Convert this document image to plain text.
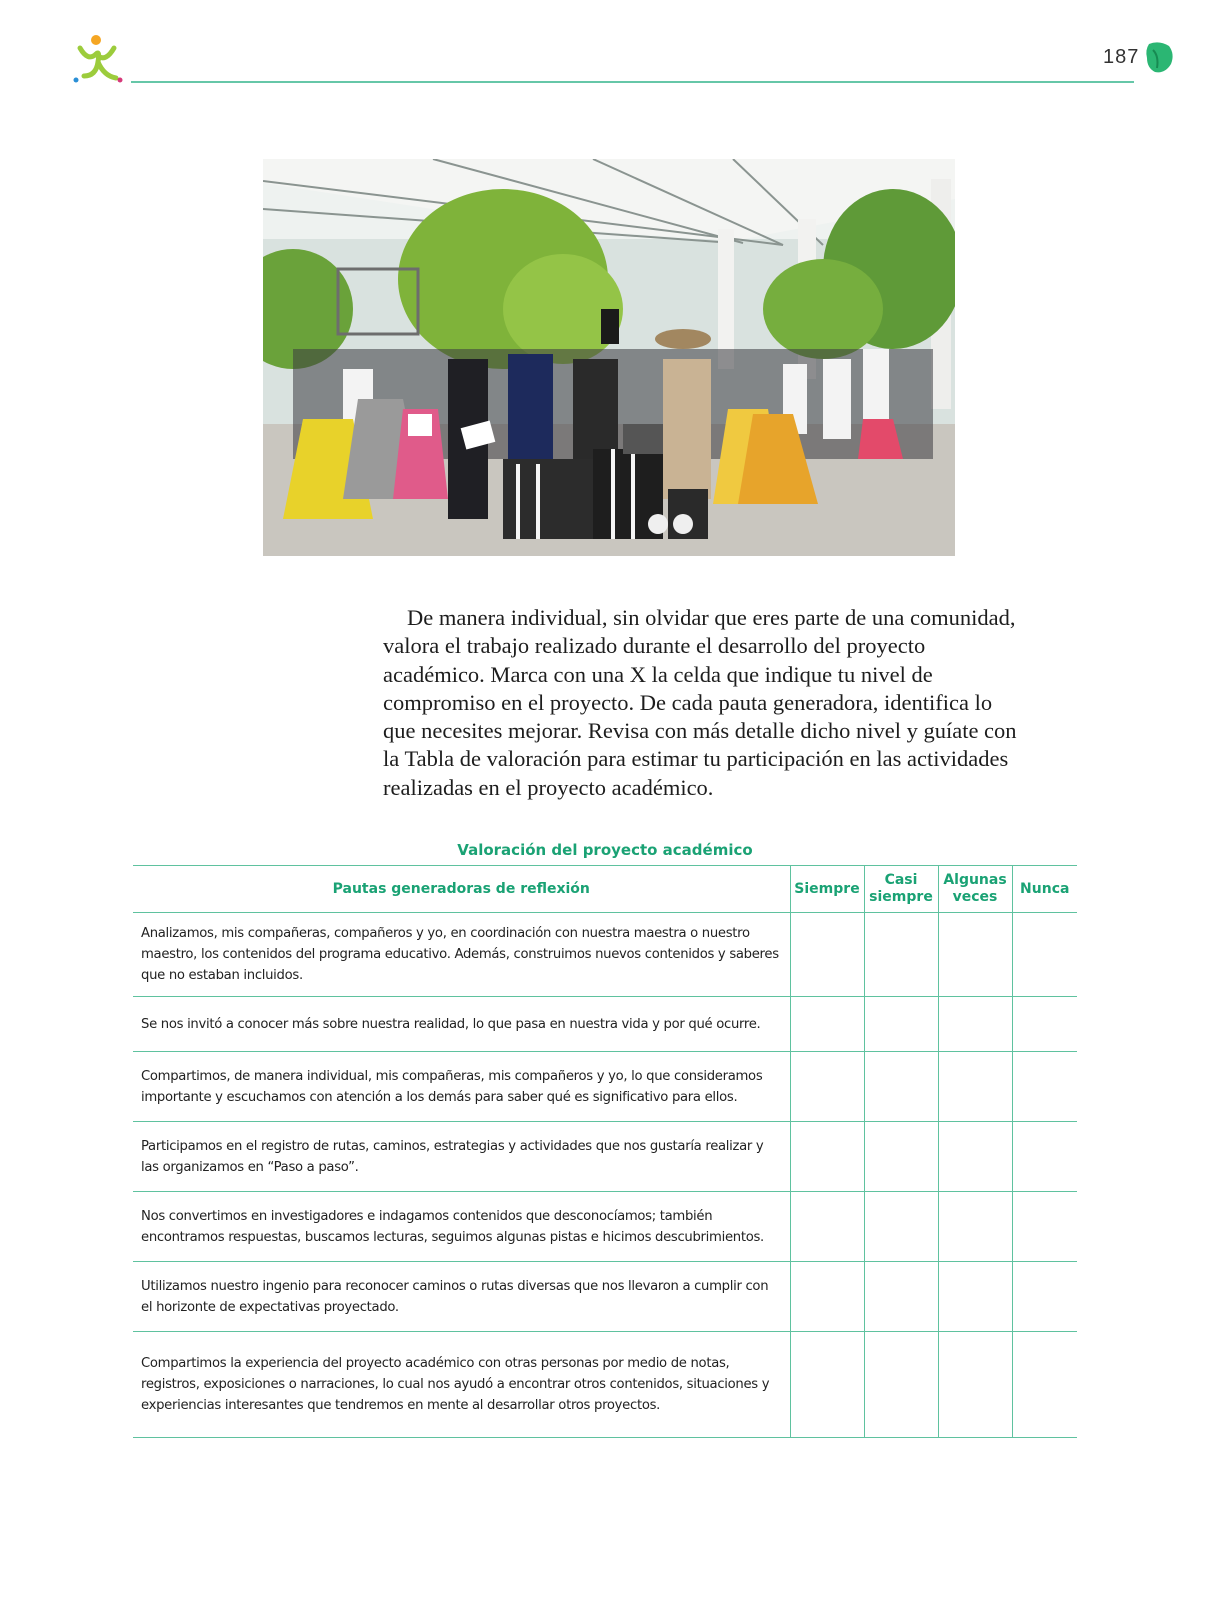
187

De manera individual, sin olvidar que eres parte de una comunidad, valora el trabajo realizado durante el desarrollo del proyecto académico. Marca con una X la celda que indique tu nivel de compromiso en el proyecto. De cada pauta generadora, identifica lo que necesites mejorar. Revisa con más detalle dicho nivel y guíate con la Tabla de valoración para estimar tu participación en las actividades realizadas en el proyecto académico.

Valoración del proyecto académico
Pautas generadoras de reflexión	Siempre	Casi siempre	Algunas veces	Nunca
Analizamos, mis compañeras, compañeros y yo, en coordinación con nuestra maestra o nuestro maestro, los contenidos del programa educativo. Además, construimos nuevos contenidos y saberes que no estaban incluidos.				
Se nos invitó a conocer más sobre nuestra realidad, lo que pasa en nuestra vida y por qué ocurre.				
Compartimos, de manera individual, mis compañeras, mis compañeros y yo, lo que consideramos importante y escuchamos con atención a los demás para saber qué es significativo para ellos.				
Participamos en el registro de rutas, caminos, estrategias y actividades que nos gustaría realizar y las organizamos en “Paso a paso”.				
Nos convertimos en investigadores e indagamos contenidos que desconocíamos; también encontramos respuestas, buscamos lecturas, seguimos algunas pistas e hicimos descubrimientos.				
Utilizamos nuestro ingenio para reconocer caminos o rutas diversas que nos llevaron a cumplir con el horizonte de expectativas proyectado.				
Compartimos la experiencia del proyecto académico con otras personas por medio de notas, registros, exposiciones o narraciones, lo cual nos ayudó a encontrar otros contenidos, situaciones y experiencias interesantes que tendremos en mente al desarrollar otros proyectos.				
